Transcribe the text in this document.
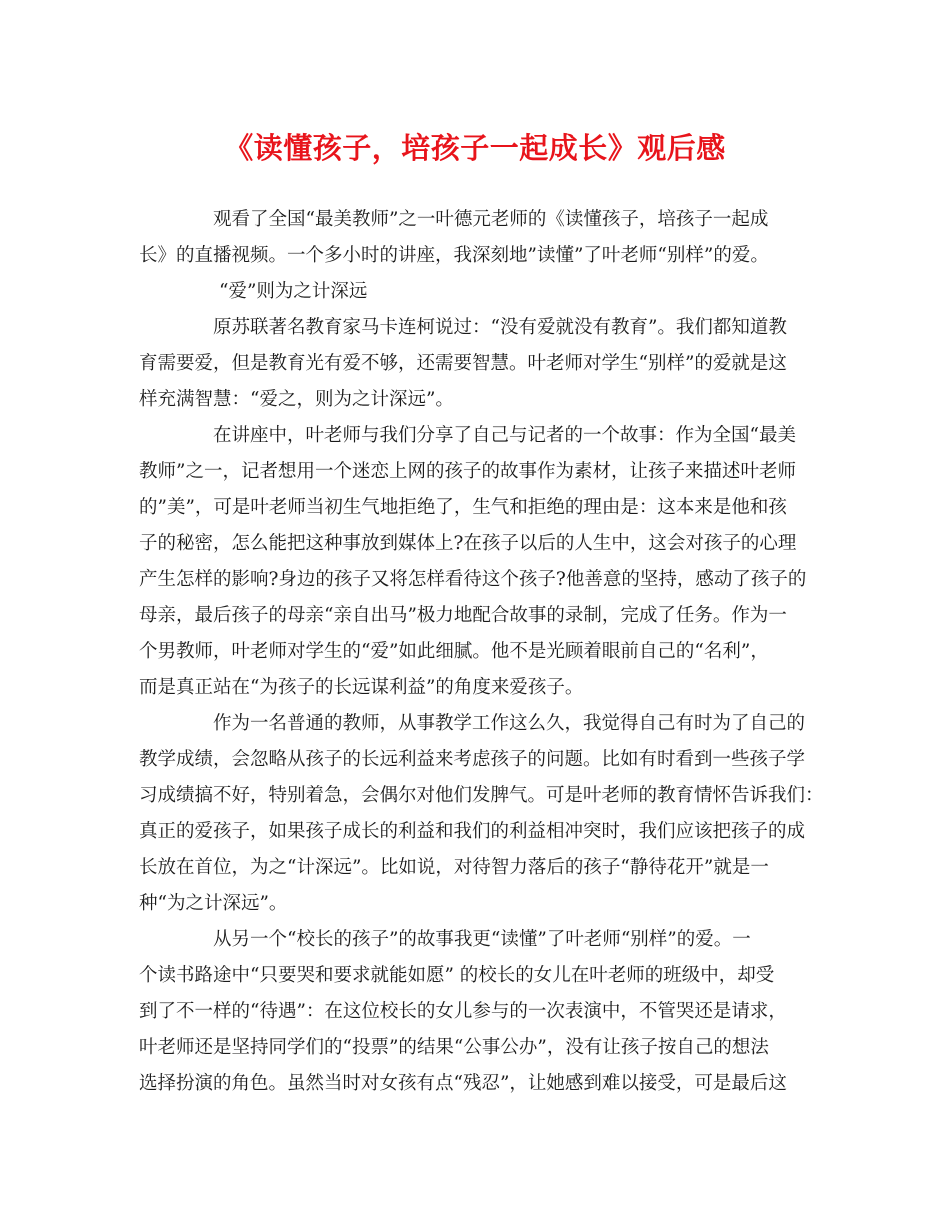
《读懂孩子，培孩子一起成长》观后感

观看了全国“最美教师”之一叶德元老师的《读懂孩子，培孩子一起成
长》的直播视频。一个多小时的讲座，我深刻地”读懂”了叶老师“别样”的爱。

“爱”则为之计深远

原苏联著名教育家马卡连柯说过：“没有爱就没有教育”。我们都知道教
育需要爱，但是教育光有爱不够，还需要智慧。叶老师对学生“别样”的爱就是这
样充满智慧：“爱之，则为之计深远”。

在讲座中，叶老师与我们分享了自己与记者的一个故事：作为全国“最美
教师”之一，记者想用一个迷恋上网的孩子的故事作为素材，让孩子来描述叶老师
的”美”，可是叶老师当初生气地拒绝了，生气和拒绝的理由是：这本来是他和孩
子的秘密，怎么能把这种事放到媒体上?在孩子以后的人生中，这会对孩子的心理
产生怎样的影响?身边的孩子又将怎样看待这个孩子?他善意的坚持，感动了孩子的
母亲，最后孩子的母亲“亲自出马”极力地配合故事的录制，完成了任务。作为一
个男教师，叶老师对学生的“爱”如此细腻。他不是光顾着眼前自己的“名利”，
而是真正站在“为孩子的长远谋利益”的角度来爱孩子。

作为一名普通的教师，从事教学工作这么久，我觉得自己有时为了自己的
教学成绩，会忽略从孩子的长远利益来考虑孩子的问题。比如有时看到一些孩子学
习成绩搞不好，特别着急，会偶尔对他们发脾气。可是叶老师的教育情怀告诉我们：
真正的爱孩子，如果孩子成长的利益和我们的利益相冲突时，我们应该把孩子的成
长放在首位，为之“计深远”。比如说，对待智力落后的孩子“静待花开”就是一
种“为之计深远”。

从另一个“校长的孩子”的故事我更“读懂”了叶老师“别样”的爱。一
个读书路途中“只要哭和要求就能如愿” 的校长的女儿在叶老师的班级中，却受
到了不一样的“待遇”：在这位校长的女儿参与的一次表演中，不管哭还是请求，
叶老师还是坚持同学们的“投票”的结果“公事公办”，没有让孩子按自己的想法
选择扮演的角色。虽然当时对女孩有点“残忍”，让她感到难以接受，可是最后这
